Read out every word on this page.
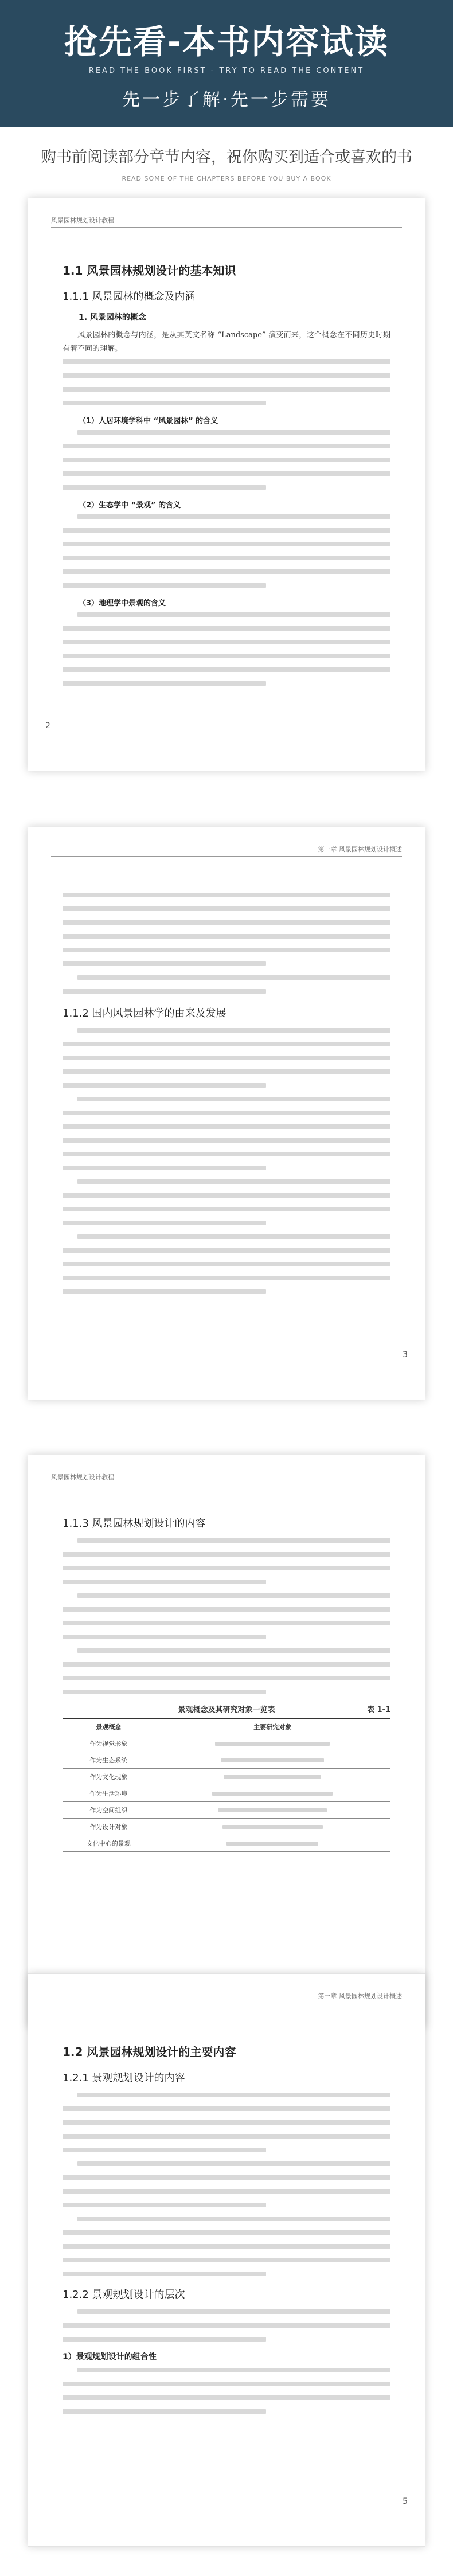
抢先看-本书内容试读
READ THE BOOK FIRST - TRY TO READ THE CONTENT
先一步了解·先一步需要
购书前阅读部分章节内容，祝你购买到适合或喜欢的书
READ SOME OF THE CHAPTERS BEFORE YOU BUY A BOOK
风景园林规划设计教程
1.1 风景园林规划设计的基本知识
1.1.1 风景园林的概念及内涵
1. 风景园林的概念
风景园林的概念与内涵，是从其英文名称 “Landscape” 演变而来，这个概念在不同历史时期有着不同的理解。
（1）人居环境学科中 “风景园林” 的含义
（2）生态学中 “景观” 的含义
（3）地理学中景观的含义
2
第一章 风景园林规划设计概述
1.1.2 国内风景园林学的由来及发展
3
风景园林规划设计教程
1.1.3 风景园林规划设计的内容
景观概念及其研究对象一览表	表 1-1
景观概念	主要研究对象
作为视觉形象	
作为生态系统	
作为文化现象	
作为生活环境	
作为空间组织	
作为设计对象	
文化中心的景观	
第一章 风景园林规划设计概述
1.2 风景园林规划设计的主要内容
1.2.1 景观规划设计的内容
1.2.2 景观规划设计的层次
1）景观规划设计的组合性
5
